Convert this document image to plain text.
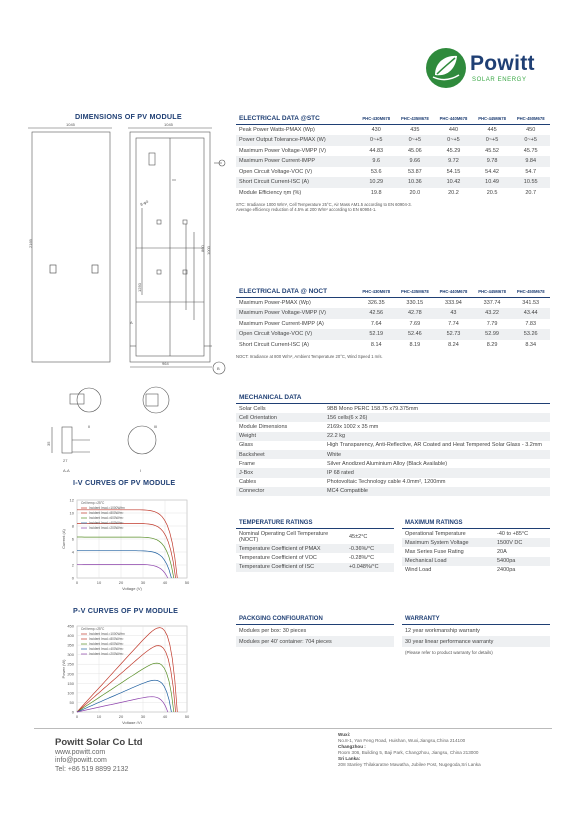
Powitt
SOLAR ENERGY
DIMENSIONS OF PV MODULE
1045	1045
2169
1000
860
964
1250
8-φ4
35
27
A-A	I
II	III
A
B
I-V CURVES OF PV MODULE
12
10
8
6
4
2
0
0	10	20	30	40	50
Voltage (V)
Current (A)
Cell temp.=25°C
Incident Irrad.=1000W/m²
Incident Irrad.=800W/m²
Incident Irrad.=600W/m²
Incident Irrad.=400W/m²
Incident Irrad.=200W/m²
P-V CURVES OF PV MODULE
450
400
350
300
250
200
150
100
50
0
0	10	20	30	40	50
Voltage (V)
Power (W)
Cell temp.=25°C
Incident Irrad.=1000W/m²
Incident Irrad.=800W/m²
Incident Irrad.=600W/m²
Incident Irrad.=400W/m²
Incident Irrad.=200W/m²
ELECTRICAL DATA @STC	PHC-430M678	PHC-435M678	PHC-440M678	PHC-445M678	PHC-450M678
Peak Power Watts-PMAX (Wp)	430	435	440	445	450
Power Output Tolerance-PMAX (W)	0~+5	0~+5	0~+5	0~+5	0~+5
Maximum Power Voltage-VMPP (V)	44.83	45.06	45.29	45.52	45.75
Maximum Power Current-IMPP	9.6	9.66	9.72	9.78	9.84
Open Circuit Voltage-VOC (V)	53.6	53.87	54.15	54.42	54.7
Short Circuit Current-ISC (A)	10.29	10.36	10.42	10.49	10.55
Module Efficiency ηm (%)	19.8	20.0	20.2	20.5	20.7
STC: Irradiance 1000 W/m², Cell Temperature 25°C, Air Mass AM1.5 according to EN 60904-3.
Average efficiency reduction of 4.5% at 200 W/m² according to EN 60904-1.
ELECTRICAL DATA @ NOCT	PHC-430M678	PHC-435M678	PHC-440M678	PHC-445M678	PHC-450M678
Maximum Power-PMAX (Wp)	326.35	330.15	333.94	337.74	341.53
Maximum Power Voltage-VMPP (V)	42.56	42.78	43	43.22	43.44
Maximum Power Current-IMPP (A)	7.64	7.69	7.74	7.79	7.83
Open Circuit Voltage-VOC (V)	52.19	52.46	52.73	52.99	53.26
Short Circuit Current-ISC (A)	8.14	8.19	8.24	8.29	8.34
NOCT: Irradiance at 800 W/m², Ambient Temperature 20°C, Wind Speed 1 m/s.
MECHANICAL DATA
Solar Cells	9BB Mono PERC 158.75 x79.375mm
Cell Orientation	156 cells(6 x 26)
Module Dimensions	2169x 1002 x 35 mm
Weight	22.2 kg
Glass	High Transparency, Anti-Reflective, AR Coated and Heat Tempered Solar Glass - 3.2mm
Backsheet	White
Frame	Silver Anodized Aluminium Alloy (Black Available)
J-Box	IP 68 rated
Cables	Photovoltaic Technology cable 4.0mm², 1200mm
Connector	MC4 Compatible
TEMPERATURE RATINGS
Nominal Operating Cell Temperature (NOCT)	45±2°C
Temperature Coefficient of PMAX	-0.36%/°C
Temperature Coefficient of VOC	-0.28%/°C
Temperature Coefficient of ISC	+0.048%/°C
MAXIMUM RATINGS
Operational Temperature	-40 to +85°C
Maximum System Voltage	1500V DC
Max Series Fuse Rating	20A
Mechanical Load	5400pa
Wind Load	2400pa
PACKGING CONFIGURATION
Modules per box: 30 pieces
Modules per 40' container: 704 pieces
WARRANTY
12 year workmanship warranty
30 year linear performance warranty
(Please refer to product warranty for details)
Powitt Solar Co Ltd
www.powitt.com
info@powitt.com
Tel: +86 519 8899 2132
Wuxi:
No.8-1, Yan Feng Road, Huishan, Wuxi,Jiangsu,China 214100
Changzhou :
Room 306, Building 5, Baji Park, Changzhou, Jiangsu, China 213000
Sri Lanka:
208 Stanley Thilakaratne Mawatha, Jubilee Post, Nugegoda,Sri Lanka
